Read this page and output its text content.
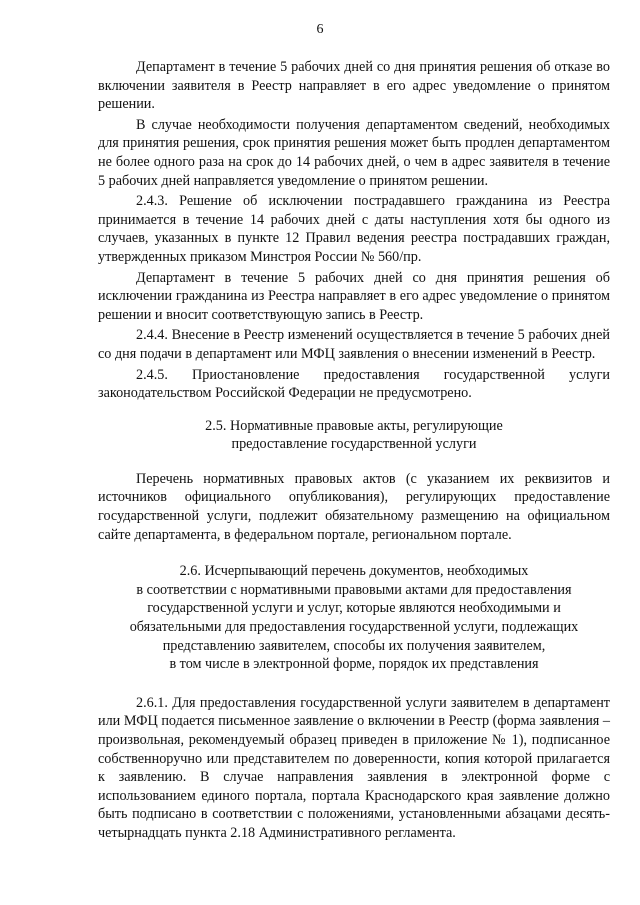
6

Департамент в течение 5 рабочих дней со дня принятия решения об отказе во включении заявителя в Реестр направляет в его адрес уведомление о принятом решении.

В случае необходимости получения департаментом сведений, необходимых для принятия решения, срок принятия решения может быть продлен департаментом не более одного раза на срок до 14 рабочих дней, о чем в адрес заявителя в течение 5 рабочих дней направляется уведомление о принятом решении.

2.4.3. Решение об исключении пострадавшего гражданина из Реестра принимается в течение 14 рабочих дней с даты наступления хотя бы одного из случаев, указанных в пункте 12 Правил ведения реестра пострадавших граждан, утвержденных приказом Минстроя России № 560/пр.

Департамент в течение 5 рабочих дней со дня принятия решения об исключении гражданина из Реестра направляет в его адрес уведомление о принятом решении и вносит соответствующую запись в Реестр.

2.4.4. Внесение в Реестр изменений осуществляется в течение 5 рабочих дней со дня подачи в департамент или МФЦ заявления о внесении изменений в Реестр.

2.4.5. Приостановление предоставления государственной услуги законодательством Российской Федерации не предусмотрено.

2.5. Нормативные правовые акты, регулирующие
предоставление государственной услуги

Перечень нормативных правовых актов (с указанием их реквизитов и источников официального опубликования), регулирующих предоставление государственной услуги, подлежит обязательному размещению на официальном сайте департамента, в федеральном портале, региональном портале.

2.6. Исчерпывающий перечень документов, необходимых
в соответствии с нормативными правовыми актами для предоставления
государственной услуги и услуг, которые являются необходимыми и
обязательными для предоставления государственной услуги, подлежащих
представлению заявителем, способы их получения заявителем,
в том числе в электронной форме, порядок их представления

2.6.1. Для предоставления государственной услуги заявителем в департамент или МФЦ подается письменное заявление о включении в Реестр (форма заявления – произвольная, рекомендуемый образец приведен в приложение № 1), подписанное собственноручно или представителем по доверенности, копия которой прилагается к заявлению. В случае направления заявления в электронной форме с использованием единого портала, портала Краснодарского края заявление должно быть подписано в соответствии с положениями, установленными абзацами десять-четырнадцать пункта 2.18 Административного регламента.
